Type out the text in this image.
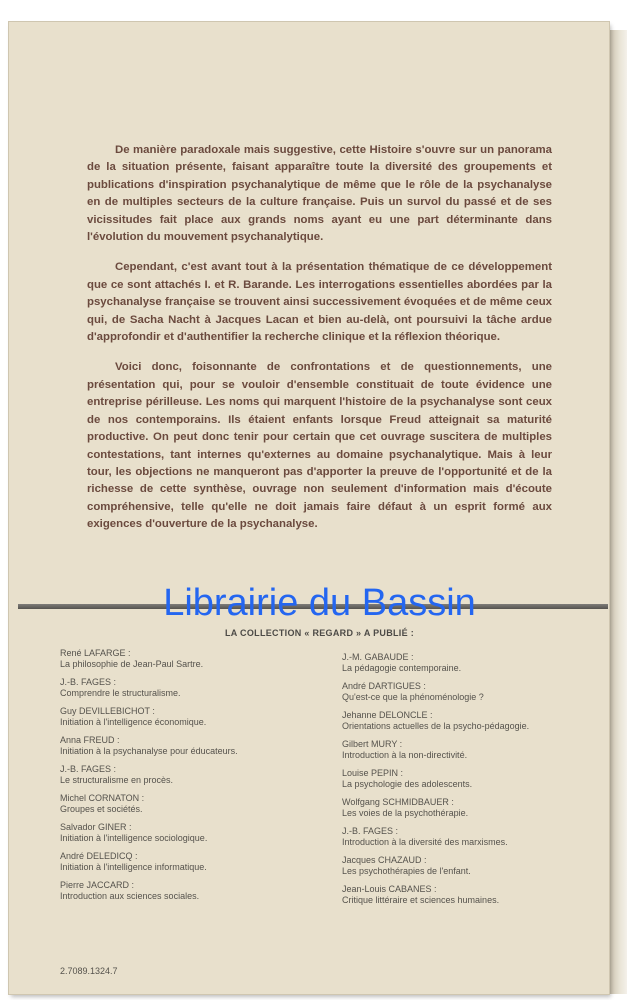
De manière paradoxale mais suggestive, cette Histoire s'ouvre sur un panorama de la situation présente, faisant apparaître toute la diversité des groupements et publications d'inspiration psychanalytique de même que le rôle de la psychanalyse en de multiples secteurs de la culture française. Puis un survol du passé et de ses vicissitudes fait place aux grands noms ayant eu une part déterminante dans l'évolution du mouvement psychanalytique.

Cependant, c'est avant tout à la présentation thématique de ce développement que ce sont attachés I. et R. Barande. Les interrogations essentielles abordées par la psychanalyse française se trouvent ainsi successivement évoquées et de même ceux qui, de Sacha Nacht à Jacques Lacan et bien au-delà, ont poursuivi la tâche ardue d'approfondir et d'authentifier la recherche clinique et la réflexion théorique.

Voici donc, foisonnante de confrontations et de questionnements, une présentation qui, pour se vouloir d'ensemble constituait de toute évidence une entreprise périlleuse. Les noms qui marquent l'histoire de la psychanalyse sont ceux de nos contemporains. Ils étaient enfants lorsque Freud atteignait sa maturité productive. On peut donc tenir pour certain que cet ouvrage suscitera de multiples contestations, tant internes qu'externes au domaine psychanalytique. Mais à leur tour, les objections ne manqueront pas d'apporter la preuve de l'opportunité et de la richesse de cette synthèse, ouvrage non seulement d'information mais d'écoute compréhensive, telle qu'elle ne doit jamais faire défaut à un esprit formé aux exigences d'ouverture de la psychanalyse.

Librairie du Bassin
LA COLLECTION « REGARD » A PUBLIÉ :
René LAFARGE :
La philosophie de Jean-Paul Sartre.
J.-B. FAGES :
Comprendre le structuralisme.
Guy DEVILLEBICHOT :
Initiation à l'intelligence économique.
Anna FREUD :
Initiation à la psychanalyse pour éducateurs.
J.-B. FAGES :
Le structuralisme en procès.
Michel CORNATON :
Groupes et sociétés.
Salvador GINER :
Initiation à l'intelligence sociologique.
André DELEDICQ :
Initiation à l'intelligence informatique.
Pierre JACCARD :
Introduction aux sciences sociales.
J.-M. GABAUDE :
La pédagogie contemporaine.
André DARTIGUES :
Qu'est-ce que la phénoménologie ?
Jehanne DELONCLE :
Orientations actuelles de la psycho-pédagogie.
Gilbert MURY :
Introduction à la non-directivité.
Louise PEPIN :
La psychologie des adolescents.
Wolfgang SCHMIDBAUER :
Les voies de la psychothérapie.
J.-B. FAGES :
Introduction à la diversité des marxismes.
Jacques CHAZAUD :
Les psychothérapies de l'enfant.
Jean-Louis CABANES :
Critique littéraire et sciences humaines.
2.7089.1324.7
